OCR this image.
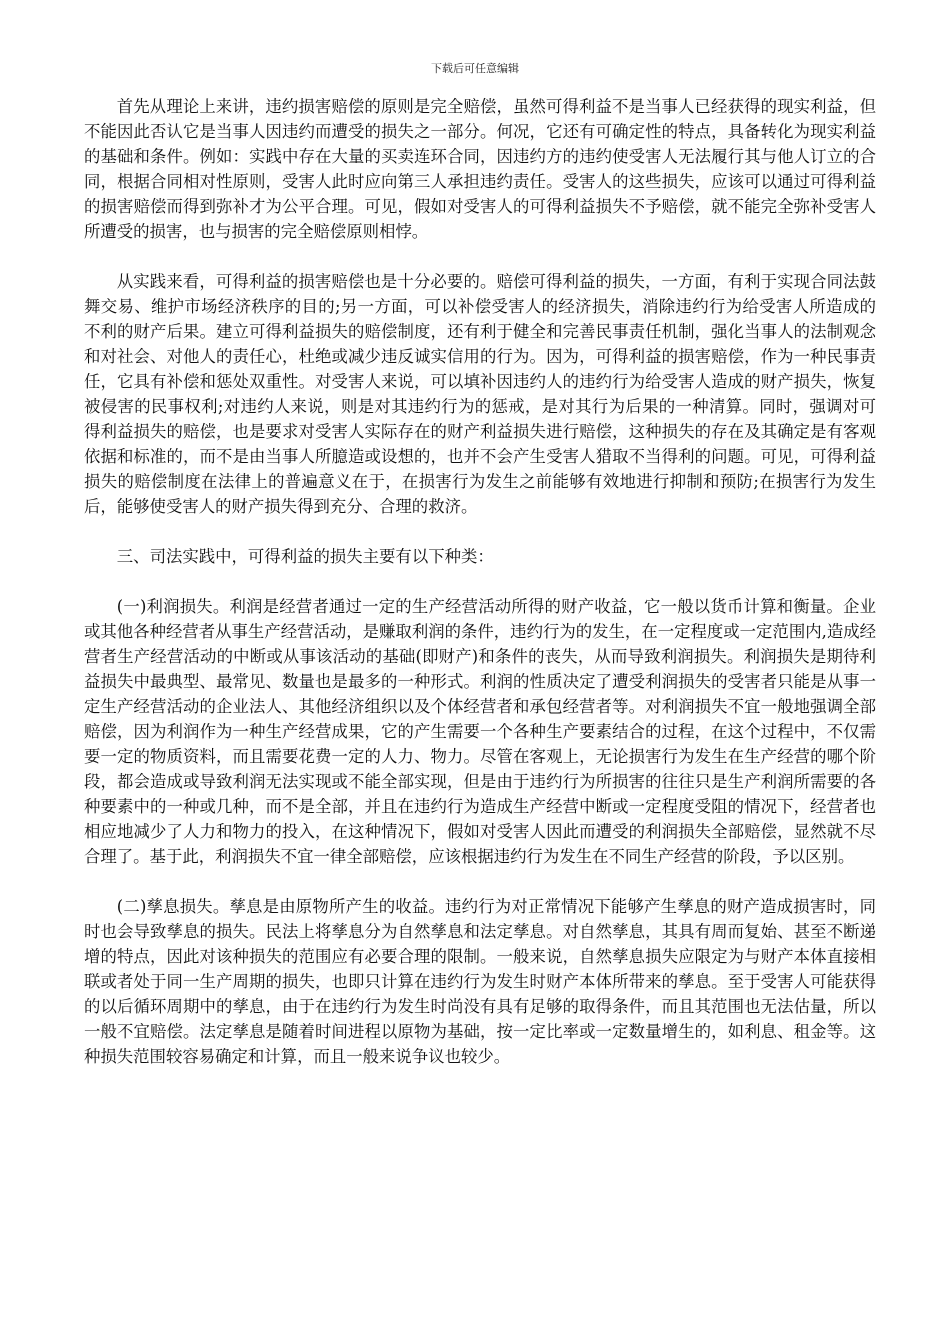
下载后可任意编辑

首先从理论上来讲，违约损害赔偿的原则是完全赔偿，虽然可得利益不是当事人已经获得的现实利益，但不能因此否认它是当事人因违约而遭受的损失之一部分。何况，它还有可确定性的特点，具备转化为现实利益的基础和条件。例如：实践中存在大量的买卖连环合同，因违约方的违约使受害人无法履行其与他人订立的合同，根据合同相对性原则，受害人此时应向第三人承担违约责任。受害人的这些损失，应该可以通过可得利益的损害赔偿而得到弥补才为公平合理。可见，假如对受害人的可得利益损失不予赔偿，就不能完全弥补受害人所遭受的损害，也与损害的完全赔偿原则相悖。

从实践来看，可得利益的损害赔偿也是十分必要的。赔偿可得利益的损失，一方面，有利于实现合同法鼓舞交易、维护市场经济秩序的目的;另一方面，可以补偿受害人的经济损失，消除违约行为给受害人所造成的不利的财产后果。建立可得利益损失的赔偿制度，还有利于健全和完善民事责任机制，强化当事人的法制观念和对社会、对他人的责任心，杜绝或减少违反诚实信用的行为。因为，可得利益的损害赔偿，作为一种民事责任，它具有补偿和惩处双重性。对受害人来说，可以填补因违约人的违约行为给受害人造成的财产损失，恢复被侵害的民事权利;对违约人来说，则是对其违约行为的惩戒，是对其行为后果的一种清算。同时，强调对可得利益损失的赔偿，也是要求对受害人实际存在的财产利益损失进行赔偿，这种损失的存在及其确定是有客观依据和标准的，而不是由当事人所臆造或设想的，也并不会产生受害人猎取不当得利的问题。可见，可得利益损失的赔偿制度在法律上的普遍意义在于，在损害行为发生之前能够有效地进行抑制和预防;在损害行为发生后，能够使受害人的财产损失得到充分、合理的救济。

三、司法实践中，可得利益的损失主要有以下种类：

(一)利润损失。利润是经营者通过一定的生产经营活动所得的财产收益，它一般以货币计算和衡量。企业或其他各种经营者从事生产经营活动，是赚取利润的条件，违约行为的发生，在一定程度或一定范围内,造成经营者生产经营活动的中断或从事该活动的基础(即财产)和条件的丧失，从而导致利润损失。利润损失是期待利益损失中最典型、最常见、数量也是最多的一种形式。利润的性质决定了遭受利润损失的受害者只能是从事一定生产经营活动的企业法人、其他经济组织以及个体经营者和承包经营者等。对利润损失不宜一般地强调全部赔偿，因为利润作为一种生产经营成果，它的产生需要一个各种生产要素结合的过程，在这个过程中，不仅需要一定的物质资料，而且需要花费一定的人力、物力。尽管在客观上，无论损害行为发生在生产经营的哪个阶段，都会造成或导致利润无法实现或不能全部实现，但是由于违约行为所损害的往往只是生产利润所需要的各种要素中的一种或几种，而不是全部，并且在违约行为造成生产经营中断或一定程度受阻的情况下，经营者也相应地减少了人力和物力的投入，在这种情况下，假如对受害人因此而遭受的利润损失全部赔偿，显然就不尽合理了。基于此，利润损失不宜一律全部赔偿，应该根据违约行为发生在不同生产经营的阶段，予以区别。

(二)孳息损失。孳息是由原物所产生的收益。违约行为对正常情况下能够产生孳息的财产造成损害时，同时也会导致孳息的损失。民法上将孳息分为自然孳息和法定孳息。对自然孳息，其具有周而复始、甚至不断递增的特点，因此对该种损失的范围应有必要合理的限制。一般来说，自然孳息损失应限定为与财产本体直接相联或者处于同一生产周期的损失，也即只计算在违约行为发生时财产本体所带来的孳息。至于受害人可能获得的以后循环周期中的孳息，由于在违约行为发生时尚没有具有足够的取得条件，而且其范围也无法估量，所以一般不宜赔偿。法定孳息是随着时间进程以原物为基础，按一定比率或一定数量增生的，如利息、租金等。这种损失范围较容易确定和计算，而且一般来说争议也较少。
